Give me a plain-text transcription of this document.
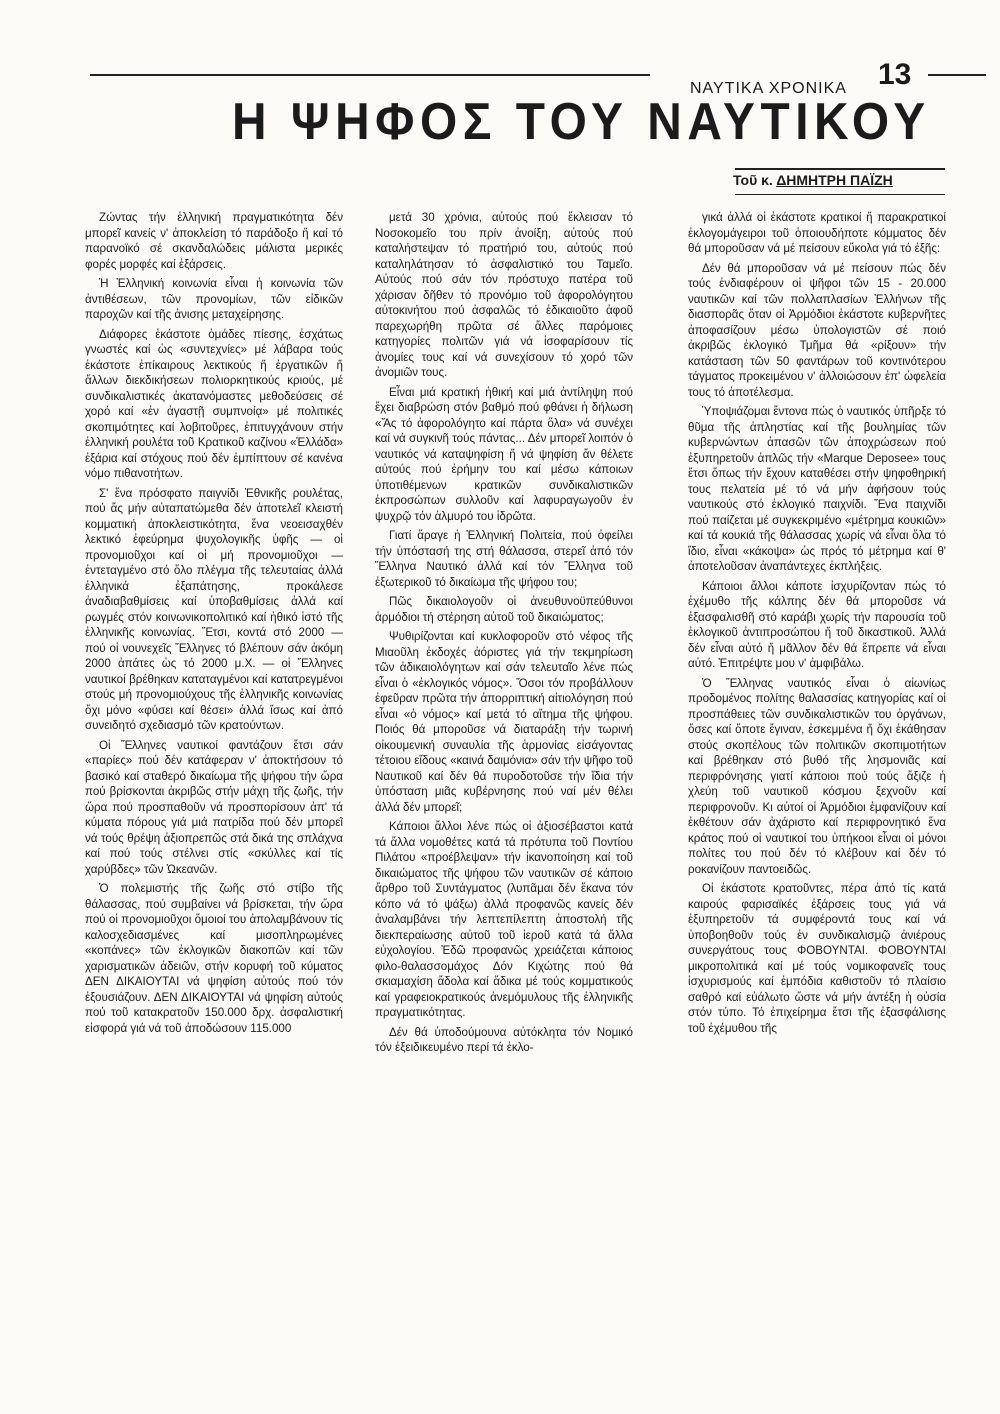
ΝΑΥΤΙΚΑ ΧΡΟΝΙΚΑ 13
Η ΨΗΦΟΣ ΤΟΥ ΝΑΥΤΙΚΟΥ
Τοῦ κ. ΔΗΜΗΤΡΗ ΠΑΪΖΗ

Ζώντας τήν ἑλληνική πραγματικότητα δέν μπορεῖ κανείς ν' ἀποκλείση τό παράδοξο ἤ καί τό παρανοϊκό σέ σκανδαλώδεις μάλιστα μερικές φορές μορφές καί ἐξάρσεις.

Ἡ Ἑλληνική κοινωνία εἶναι ἡ κοινωνία τῶν ἀντιθέσεων, τῶν προνομίων, τῶν εἰδικῶν παροχῶν καί τῆς ἀνισης μεταχείρησης.

Διάφορες ἑκάστοτε ὁμάδες πίεσης, ἐσχάτως γνωστές καί ὡς «συντεχνίες» μέ λάβαρα τούς ἑκάστοτε ἐπίκαιρους λεκτικούς ἤ ἐργατικῶν ἤ ἄλλων διεκδικήσεων πολιορκητικούς κριούς, μέ συνδικαλιστικές ἀκατανόμαστες μεθοδεύσεις σέ χορό καί «ἐν ἀγαστῇ συμπνοίᾳ» μέ πολιτικές σκοπιμότητες καί λοβιτοῦρες, ἐπιτυγχάνουν στήν ἑλληνική ρουλέτα τοῦ Κρατικοῦ καζίνου «Ἑλλάδα» ἐξάρια καί στόχους πού δέν ἐμπίπτουν σέ κανένα νόμο πιθανοτήτων.

Σ' ἕνα πρόσφατο παιγνίδι Ἐθνικῆς ρουλέτας, πού ἄς μήν αὐταπατώμεθα δέν ἀποτελεῖ κλειστή κομματική ἀποκλειστικότητα, ἕνα νεοεισαχθέν λεκτικό ἐφεύρημα ψυχολογικῆς ὑφῆς — οἱ προνομιοῦχοι καί οἱ μή προνομιοῦχοι — ἐντεταγμένο στό ὅλο πλέγμα τῆς τελευταίας ἀλλά ἑλληνικά ἐξαπάτησης, προκάλεσε ἀναδιαβαθμίσεις καί ὑποβαθμίσεις ἀλλά καί ρωγμές στόν κοινωνικοπολιτικό καί ἠθικό ἱστό τῆς ἑλληνικῆς κοινωνίας. Ἔτσι, κοντά στό 2000 — πού οἱ νουνεχεῖς Ἕλληνες τό βλέπουν σάν ἀκόμη 2000 ἀπάτες ὡς τό 2000 μ.Χ. — οἱ Ἕλληνες ναυτικοί βρέθηκαν καταταγμένοι καί κατατρεγμένοι στούς μή προνομιούχους τῆς ἑλληνικῆς κοινωνίας ὄχι μόνο «φύσει καί θέσει» ἀλλά ἴσως καί ἀπό συνειδητό σχεδιασμό τῶν κρατούντων.

Οἱ Ἕλληνες ναυτικοί φαντάζουν ἔτσι σάν «παρίες» πού δέν κατάφεραν ν' ἀποκτήσουν τό βασικό καί σταθερό δικαίωμα τῆς ψήφου τήν ὥρα πού βρίσκονται ἀκριβῶς στήν μάχη τῆς ζωῆς, τήν ὥρα πού προσπαθοῦν νά προσπορίσουν ἀπ' τά κύματα πόρους γιά μιά πατρίδα πού δέν μπορεῖ νά τούς θρέψη ἀξιοπρεπῶς στά δικά της σπλάχνα καί πού τούς στέλνει στίς «σκύλλες καί τίς χαρύβδες» τῶν Ὠκεανῶν.

Ὁ πολεμιστής τῆς ζωῆς στό στίβο τῆς θάλασσας, πού συμβαίνει νά βρίσκεται, τήν ὥρα πού οἱ προνομιοῦχοι ὅμοιοί του ἀπολαμβάνουν τίς καλοσχεδιασμένες καί μισοπληρωμένες «κοπάνες» τῶν ἐκλογικῶν διακοπῶν καί τῶν χαρισματικῶν ἀδειῶν, στήν κορυφή τοῦ κύματος ΔΕΝ ΔΙΚΑΙΟΥΤΑΙ νά ψηφίση αὐτούς πού τόν ἐξουσιάζουν. ΔΕΝ ΔΙΚΑΙΟΥΤΑΙ νά ψηφίση αὐτούς πού τοῦ κατακρατοῦν 150.000 δρχ. ἀσφαλιστική εἰσφορά γιά νά τοῦ ἀποδώσουν 115.000

μετά 30 χρόνια, αὐτούς πού ἔκλεισαν τό Νοσοκομεῖο του πρίν ἀνοίξη, αὐτούς πού καταλήστεψαν τό πρατήριό του, αὐτούς πού καταληλάτησαν τό ἀσφαλιστικό του Ταμεῖο. Αὐτούς πού σάν τόν πρόστυχο πατέρα τοῦ χάρισαν δῆθεν τό προνόμιο τοῦ ἀφορολόγητου αὐτοκινήτου πού ἀσφαλῶς τό ἐδικαιοῦτο ἀφοῦ παρεχωρήθη πρῶτα σέ ἄλλες παρόμοιες κατηγορίες πολιτῶν γιά νά ἰσοφαρίσουν τίς ἀνομίες τους καί νά συνεχίσουν τό χορό τῶν ἀνομιῶν τους.

Εἶναι μιά κρατική ἠθική καί μιά ἀντίληψη πού ἔχει διαβρώση στόν βαθμό πού φθάνει ἡ δήλωση «Ἄς τό ἀφορολόγητο καί πάρτα ὅλα» νά συνέχει καί νά συγκινῆ τούς πάντας... Δέν μπορεῖ λοιπόν ὁ ναυτικός νά καταψηφίση ἤ νά ψηφίση ἄν θέλετε αὐτούς πού ἐρήμην του καί μέσω κάποιων ὑποτιθέμενων κρατικῶν συνδικαλιστικῶν ἐκπροσώπων συλλοῦν καί λαφυραγωγοῦν ἐν ψυχρῷ τόν ἁλμυρό του ἱδρῶτα.

Γιατί ἄραγε ἡ Ἑλληνική Πολιτεία, πού ὀφείλει τήν ὑπόστασή της στή θάλασσα, στερεῖ ἀπό τόν Ἕλληνα Ναυτικό ἀλλά καί τόν Ἕλληνα τοῦ ἐξωτερικοῦ τό δικαίωμα τῆς ψήφου του;

Πῶς δικαιολογοῦν οἱ ἀνευθυνοϋπεύθυνοι ἁρμόδιοι τή στέρηση αὐτοῦ τοῦ δικαιώματος;

Ψυθιρίζονται καί κυκλοφοροῦν στό νέφος τῆς Μιαοῦλη ἐκδοχές ἀόριστες γιά τήν τεκμηρίωση τῶν ἀδικαιολόγητων καί σάν τελευταῖο λένε πώς εἶναι ὁ «ἐκλογικός νόμος». Ὅσοι τόν προβάλλουν ἐφεῦραν πρῶτα τήν ἀπορριπτική αἰτιολόγηση πού εἶναι «ὁ νόμος» καί μετά τό αἴτημα τῆς ψήφου. Ποιός θά μποροῦσε νά διαταράξη τήν τωρινή οἰκουμενική συναυλία τῆς ἁρμονίας εἰσάγοντας τέτοιου εἴδους «καινά δαιμόνια» σάν τήν ψῆφο τοῦ Ναυτικοῦ καί δέν θά πυροδοτοῦσε τήν ἴδια τήν ὑπόσταση μιᾶς κυβέρνησης πού ναί μέν θέλει ἀλλά δέν μπορεῖ;

Κάποιοι ἄλλοι λένε πώς οἱ ἀξιοσέβαστοι κατά τά ἄλλα νομοθέτες κατά τά πρότυπα τοῦ Ποντίου Πιλάτου «προέβλεψαν» τήν ἱκανοποίηση καί τοῦ δικαιώματος τῆς ψήφου τῶν ναυτικῶν σέ κάποιο ἄρθρο τοῦ Συντάγματος (λυπᾶμαι δέν ἔκανα τόν κόπο νά τό ψάξω) ἀλλά προφανῶς κανείς δέν ἀναλαμβάνει τήν λεπτεπίλεπτη ἀποστολή τῆς διεκπεραίωσης αὐτοῦ τοῦ ἱεροῦ κατά τά ἄλλα εὐχολογίου. Ἐδῶ προφανῶς χρειάζεται κάποιος φιλο-θαλασσομάχος Δόν Κιχώτης πού θά σκιαμαχίση ἄδολα καί ἄδικα μέ τούς κομματικούς καί γραφειοκρατικούς ἀνεμόμυλους τῆς ἑλληνικῆς πραγματικότητας.

Δέν θά ὑποδούμουνα αὐτόκλητα τόν Νομικό τόν ἐξειδικευμένο περί τά ἐκλο-

γικά ἀλλά οἱ ἑκάστοτε κρατικοί ἤ παρακρατικοί ἐκλογομάγειροι τοῦ ὁποιουδήποτε κόμματος δέν θά μποροῦσαν νά μέ πείσουν εὔκολα γιά τό ἐξῆς:

Δέν θά μποροῦσαν νά μέ πείσουν πώς δέν τούς ἐνδιαφέρουν οἱ ψῆφοι τῶν 15 - 20.000 ναυτικῶν καί τῶν πολλαπλασίων Ἑλλήνων τῆς διασπορᾶς ὅταν οἱ Ἀρμόδιοι ἑκάστοτε κυβερνῆτες ἀποφασίζουν μέσω ὑπολογιστῶν σέ ποιό ἀκριβῶς ἐκλογικό Τμῆμα θά «ρίξουν» τήν κατάσταση τῶν 50 φαντάρων τοῦ κοντινότερου τάγματος προκειμένου ν' ἀλλοιώσουν ἐπ' ὠφελεία τους τό ἀποτέλεσμα.

Ὑποψιάζομαι ἔντονα πώς ὁ ναυτικός ὑπῆρξε τό θῦμα τῆς ἀπληστίας καί τῆς βουλημίας τῶν κυβερνώντων ἀπασῶν τῶν ἀποχρώσεων πού ἐξυπηρετοῦν ἁπλῶς τήν «Marque Deposee» τους ἔτσι ὅπως τήν ἔχουν καταθέσει στήν ψηφοθηρική τους πελατεία μέ τό νά μήν ἀφήσουν τούς ναυτικούς στό ἐκλογικό παιχνίδι. Ἕνα παιχνίδι πού παίζεται μέ συγκεκριμένο «μέτρημα κουκιῶν» καί τά κουκιά τῆς θάλασσας χωρίς νά εἶναι ὅλα τό ἴδιο, εἶναι «κάκοψα» ὡς πρός τό μέτρημα καί θ' ἀποτελοῦσαν ἀναπάντεχες ἐκπλήξεις.

Κάποιοι ἄλλοι κάποτε ἰσχυρίζονταν πώς τό ἐχέμυθο τῆς κάλπης δέν θά μποροῦσε νά ἐξασφαλισθῆ στό καράβι χωρίς τήν παρουσία τοῦ ἐκλογικοῦ ἀντιπροσώπου ἤ τοῦ δικαστικοῦ. Ἀλλά δέν εἶναι αὐτό ἤ μᾶλλον δέν θά ἔπρεπε νά εἶναι αὐτό. Ἐπιτρέψτε μου ν' ἀμφιβάλω.

Ὁ Ἕλληνας ναυτικός εἶναι ὁ αἰωνίως προδομένος πολίτης θαλασσίας κατηγορίας καί οἱ προσπάθειες τῶν συνδικαλιστικῶν του ὀργάνων, ὅσες καί ὅποτε ἔγιναν, ἐσκεμμένα ἤ ὄχι ἐκάθησαν στούς σκοπέλους τῶν πολιτικῶν σκοπιμοτήτων καί βρέθηκαν στό βυθό τῆς λησμονιᾶς καί περιφρόνησης γιατί κάποιοι πού τούς ἄξιζε ἡ χλεύη τοῦ ναυτικοῦ κόσμου ξεχνοῦν καί περιφρονοῦν. Κι αὐτοί οἱ Ἀρμόδιοι ἐμφανίζουν καί ἐκθέτουν σάν ἀχάριστο καί περιφρονητικό ἕνα κράτος πού οἱ ναυτικοί του ὑπήκοοι εἶναι οἱ μόνοι πολίτες του πού δέν τό κλέβουν καί δέν τό ροκανίζουν παντοειδῶς.

Οἱ ἑκάστοτε κρατοῦντες, πέρα ἀπό τίς κατά καιρούς φαρισαϊκές ἐξάρσεις τους γιά νά ἐξυπηρετοῦν τά συμφέροντά τους καί νά ὑποβοηθοῦν τούς ἐν συνδικαλισμῷ ἀνιέρους συνεργάτους τους ΦΟΒΟΥΝΤΑΙ. ΦΟΒΟΥΝΤΑΙ μικροπολιτικά καί μέ τούς νομικοφανεῖς τους ἰσχυρισμούς καί ἐμπόδια καθιστοῦν τό πλαίσιο σαθρό καί εὐάλωτο ὥστε νά μήν ἀντέξη ἡ οὐσία στόν τύπο. Τό ἐπιχείρημα ἔτσι τῆς ἐξασφάλισης τοῦ ἐχέμυθου τῆς
